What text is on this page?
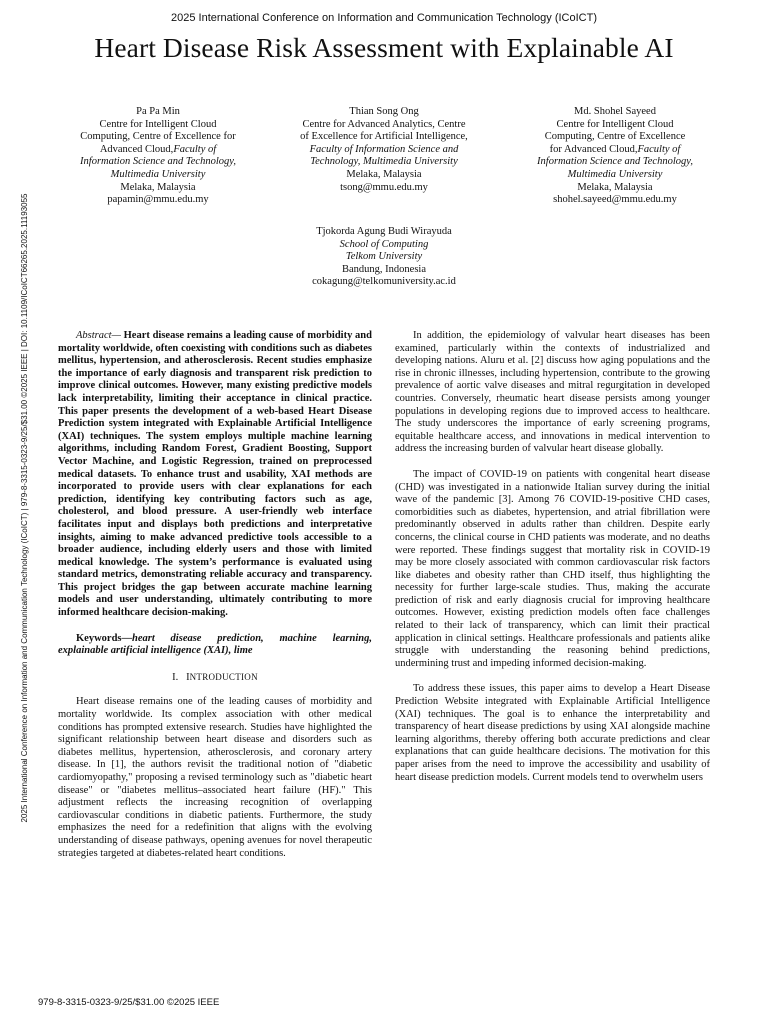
2025 International Conference on Information and Communication Technology (ICoICT)
Heart Disease Risk Assessment with Explainable AI
Pa Pa Min
Centre for Intelligent Cloud
Computing, Centre of Excellence for
Advanced Cloud,Faculty of
Information Science and Technology,
Multimedia University
Melaka, Malaysia
papamin@mmu.edu.my
Thian Song Ong
Centre for Advanced Analytics, Centre
of Excellence for Artificial Intelligence,
Faculty of Information Science and
Technology, Multimedia University
Melaka, Malaysia
tsong@mmu.edu.my
Md. Shohel Sayeed
Centre for Intelligent Cloud
Computing, Centre of Excellence
for Advanced Cloud,Faculty of
Information Science and Technology,
Multimedia University
Melaka, Malaysia
shohel.sayeed@mmu.edu.my
Tjokorda Agung Budi Wirayuda
School of Computing
Telkom University
Bandung, Indonesia
cokagung@telkomuniversity.ac.id
2025 International Conference on Information and Communication Technology (ICoICT) | 979-8-3315-0323-9/25/$31.00 ©2025 IEEE | DOI: 10.1109/ICoICT66265.2025.11193055	Abstract— Heart disease remains a leading cause of morbidity and mortality worldwide, often coexisting with conditions such as diabetes mellitus, hypertension, and atherosclerosis. Recent studies emphasize the importance of early diagnosis and transparent risk prediction to improve clinical outcomes. However, many existing predictive models lack interpretability, limiting their acceptance in clinical practice. This paper presents the development of a web-based Heart Disease Prediction system integrated with Explainable Artificial Intelligence (XAI) techniques. The system employs multiple machine learning algorithms, including Random Forest, Gradient Boosting, Support Vector Machine, and Logistic Regression, trained on preprocessed medical datasets. To enhance trust and usability, XAI methods are incorporated to provide users with clear explanations for each prediction, identifying key contributing factors such as age, cholesterol, and blood pressure. A user-friendly web interface facilitates input and displays both predictions and interpretative insights, aiming to make advanced predictive tools accessible to a broader audience, including elderly users and those with limited medical knowledge. The system’s performance is evaluated using standard metrics, demonstrating reliable accuracy and transparency. This project bridges the gap between accurate machine learning models and user understanding, ultimately contributing to more informed healthcare decision-making.

Keywords—heart disease prediction, machine learning, explainable artificial intelligence (XAI), lime

I. INTRODUCTION

Heart disease remains one of the leading causes of morbidity and mortality worldwide. Its complex association with other medical conditions has prompted extensive research. Studies have highlighted the significant relationship between heart disease and disorders such as diabetes mellitus, hypertension, atherosclerosis, and coronary artery disease. In [1], the authors revisit the traditional notion of "diabetic cardiomyopathy," proposing a revised terminology such as "diabetic heart disease" or "diabetes mellitus–associated heart failure (HF)." This adjustment reflects the increasing recognition of overlapping cardiovascular conditions in diabetic patients. Furthermore, the study emphasizes the need for a redefinition that aligns with the evolving understanding of disease pathways, opening avenues for novel therapeutic strategies targeted at diabetes-related heart conditions.

In addition, the epidemiology of valvular heart diseases has been examined, particularly within the contexts of industrialized and developing nations. Aluru et al. [2] discuss how aging populations and the rise in chronic illnesses, including hypertension, contribute to the growing prevalence of aortic valve diseases and mitral regurgitation in developed countries. Conversely, rheumatic heart disease persists among younger populations in developing regions due to improved access to healthcare. The study underscores the importance of early screening programs, equitable healthcare access, and innovations in medical intervention to address the increasing burden of valvular heart disease globally.

The impact of COVID-19 on patients with congenital heart disease (CHD) was investigated in a nationwide Italian survey during the initial wave of the pandemic [3]. Among 76 COVID-19-positive CHD cases, comorbidities such as diabetes, hypertension, and atrial fibrillation were predominantly observed in adults rather than children. Despite early concerns, the clinical course in CHD patients was moderate, and no deaths were reported. These findings suggest that mortality risk in COVID-19 may be more closely associated with common cardiovascular risk factors like diabetes and obesity rather than CHD itself, thus highlighting the necessity for further large-scale studies. Thus, making the accurate prediction of risk and early diagnosis crucial for improving healthcare outcomes. However, existing prediction models often face challenges related to their lack of transparency, which can limit their practical application in clinical settings. Healthcare professionals and patients alike struggle with understanding the reasoning behind predictions, undermining trust and impeding informed decision-making.

To address these issues, this paper aims to develop a Heart Disease Prediction Website integrated with Explainable Artificial Intelligence (XAI) techniques. The goal is to enhance the interpretability and transparency of heart disease predictions by using XAI alongside machine learning algorithms, thereby offering both accurate predictions and clear explanations that can guide healthcare decisions. The motivation for this paper arises from the need to improve the accessibility and usability of heart disease prediction models. Current models tend to overwhelm users

979-8-3315-0323-9/25/$31.00 ©2025 IEEE
